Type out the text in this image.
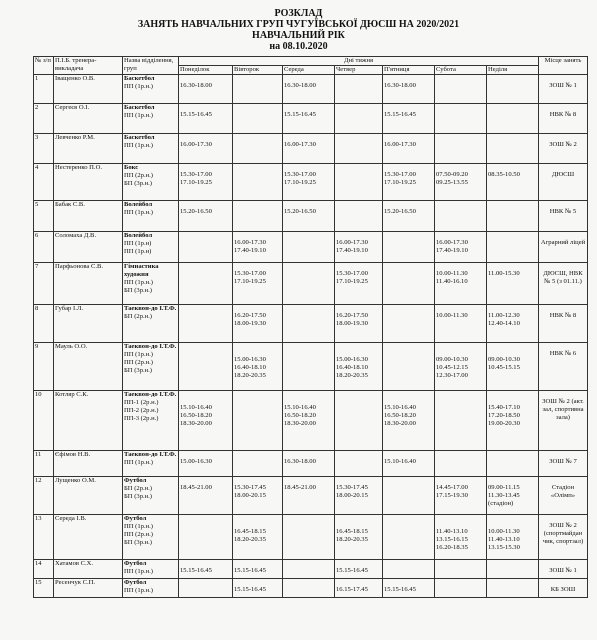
РОЗКЛАД
ЗАНЯТЬ НАВЧАЛЬНИХ ГРУП ЧУГУЇВСЬКОЇ ДЮСШ НА 2020/2021
НАВЧАЛЬНИЙ РІК
на 08.10.2020
№ з/п	П.І.Б. тренера-викладача	Назва відділення, груп	Дні тижня							Місце занять
			Понеділок	Вівторок	Середа	Четвер	П'ятниця	Субота	Неділя	
1	Іващенко О.В.	Баскетбол
ПП (1р.н.)	16.30-18.00		16.30-18.00		16.30-18.00			ЗОШ № 1
2	Сергеєв О.І.	Баскетбол
ПП (1р.н.)	15.15-16.45		15.15-16.45		15.15-16.45			НВК № 8
3	Левченко Р.М.	Баскетбол
ПП (1р.н.)	16.00-17.30		16.00-17.30		16.00-17.30			ЗОШ № 2
4	Нестеренко П.О.	Бокс
ПП (2р.н.)
БП (3р.н.)	15.30-17.00
17.10-19.25		15.30-17.00
17.10-19.25		15.30-17.00
17.10-19.25	07.50-09.20
09.25-13.55	08.35-10.50	ДЮСШ
5	Бабак С.В.	Волейбол
ПП (1р.н.)	15.20-16.50		15.20-16.50		15.20-16.50			НВК № 5
6	Соломаха Д.В.	Волейбол
ПП (1р.н)
ПП (1р.н)		16.00-17.30
17.40-19.10		16.00-17.30
17.40-19.10		16.00-17.30
17.40-19.10		Аграрний ліцей
7	Парфьонова С.В.	Гімнастика художня
ПП (1р.н.)
БП (3р.н.)		15.30-17.00
17.10-19.25		15.30-17.00
17.10-19.25		10.00-11.30
11.40-16.10	11.00-15.30	ДЮСШ, НВК № 5 (з 01.11.)
8	Губар І.Л.	Таеквон-до І.Т.Ф.
БП (2р.н.)		16.20-17.50
18.00-19.30		16.20-17.50
18.00-19.30		10.00-11.30	11.00-12.30
12.40-14.10	НВК № 8
9	Мауль О.О.	Таеквон-до І.Т.Ф.
ПП (1р.н.)
ПП (2р.н.)
БП (3р.н.)		15.00-16.30
16.40-18.10
18.20-20.35		15.00-16.30
16.40-18.10
18.20-20.35		09.00-10.30
10.45-12.15
12.30-17.00	09.00-10.30
10.45-15.15	НВК № 6
10	Котляр С.К.	Таеквон-до І.Т.Ф.
ПП-1 (2р.н.)
ПП-2 (2р.н.)
ПП-3 (2р.н.)	15.10-16.40
16.50-18.20
18.30-20.00		15.10-16.40
16.50-18.20
18.30-20.00		15.10-16.40
16.50-18.20
18.30-20.00		15.40-17.10
17.20-18.50
19.00-20.30	ЗОШ № 2 (акт. зал, спортивна зала)
11	Єфімов Н.В.	Таеквон-до І.Т.Ф.
ПП (1р.н.)	15.00-16.30		16.30-18.00		15.10-16.40			ЗОШ № 7
12	Лущенко О.М.	Футбол
БП (2р.н.)
БП (3р.н.)	18.45-21.00	15.30-17.45
18.00-20.15	18.45-21.00	15.30-17.45
18.00-20.15		14.45-17.00
17.15-19.30	09.00-11.15
11.30-13.45
(стадіон)	Стадіон «Олімп»
13	Середа І.В.	Футбол
ПП (1р.н.)
ПП (2р.н.)
БП (3р.н.)		16.45-18.15
18.20-20.35		16.45-18.15
18.20-20.35		11.40-13.10
13.15-16.15
16.20-18.35	10.00-11.30
11.40-13.10
13.15-15.30	ЗОШ № 2 (спортмайдан чик, спортзал)
14	Хатамов С.Х.	Футбол
ПП (1р.н.)	15.15-16.45	15.15-16.45		15.15-16.45				ЗОШ № 1
15	Ресенчук С.П.	Футбол
ПП (1р.н.)		15.15-16.45		16.15-17.45	15.15-16.45			КБ ЗОШ
